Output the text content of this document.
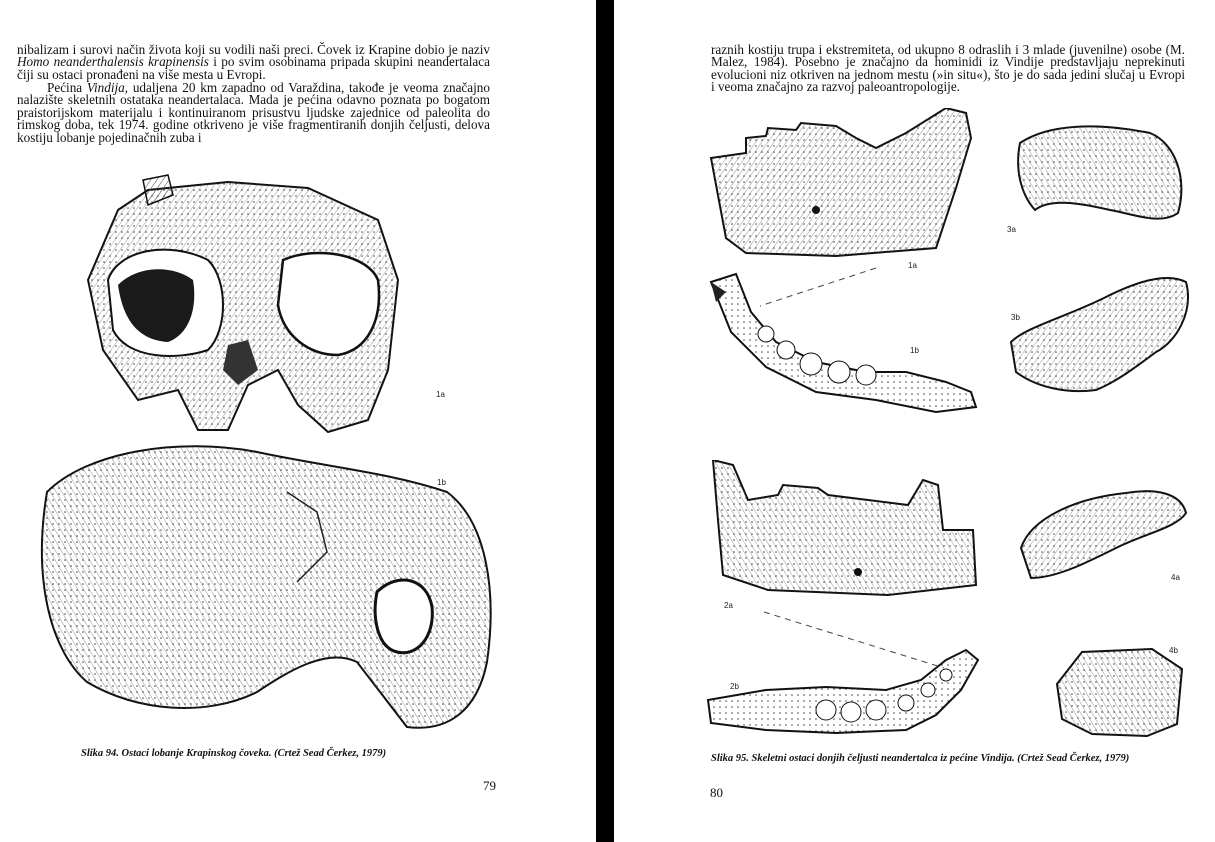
nibalizam i surovi način života koji su vodili naši preci. Čovek iz Krapine dobio je naziv Homo neanderthalensis krapinensis i po svim osobinama pripada skupini neandertalaca čiji su ostaci pronađeni na više mesta u Evropi.

Pećina Vindija, udaljena 20 km zapadno od Varaždina, takođe je veoma značajno nalazište skeletnih ostataka neandertalaca. Mada je pećina odavno poznata po bogatom praistorijskom materijalu i kontinuiranom prisustvu ljudske zajednice od paleolita do rimskog doba, tek 1974. godine otkriveno je više fragmentiranih donjih čeljusti, delova kostiju lobanje pojedinačnih zuba i

1a
1b

Slika 94. Ostaci lobanje Krapinskog čoveka. (Crtež Sead Čerkez, 1979)

79

raznih kostiju trupa i ekstremiteta, od ukupno 8 odraslih i 3 mlade (juvenilne) osobe (M. Malez, 1984). Posebno je značajno da hominidi iz Vindije predstavljaju neprekinuti evolucioni niz otkriven na jednom mestu (»in situ«), što je do sada jedini slučaj u Evropi i veoma značajno za razvoj paleoantropologije.

1a
1b
3a
3b
2a
2b
4a
4b

Slika 95. Skeletni ostaci donjih čeljusti neandertalca iz pećine Vindija. (Crtež Sead Čerkez, 1979)

80
